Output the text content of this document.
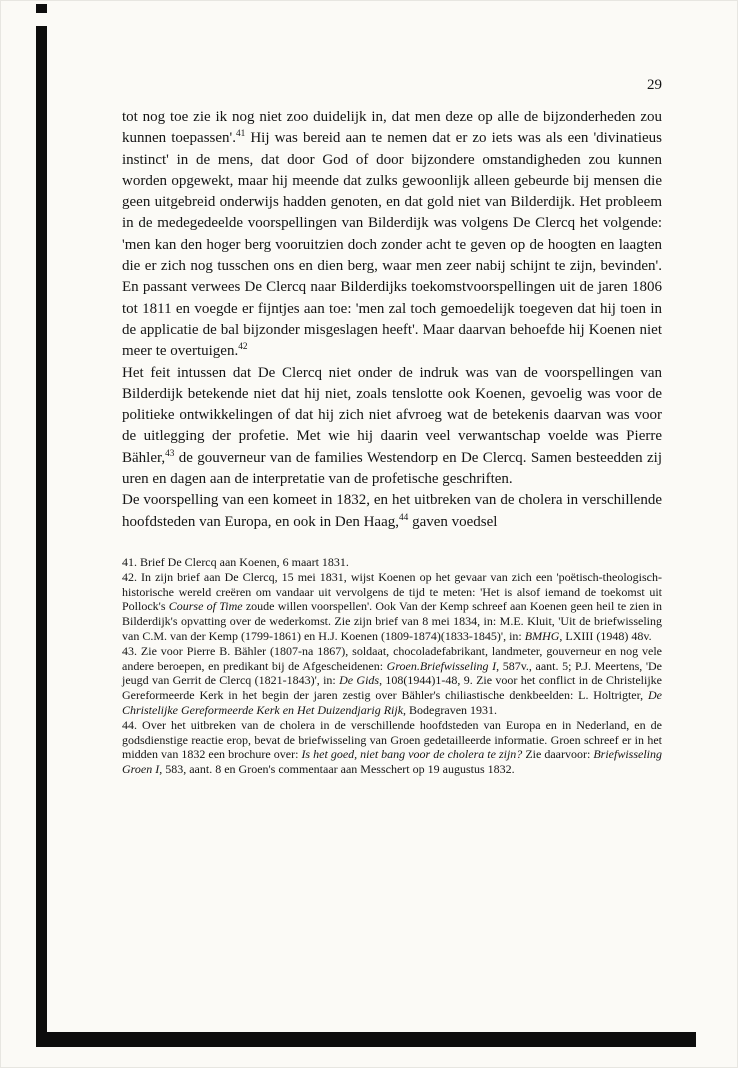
29

tot nog toe zie ik nog niet zoo duidelijk in, dat men deze op alle de bijzonderheden zou kunnen toepassen'.$^{41}$ Hij was bereid aan te nemen dat er zo iets was als een 'divinatieus instinct' in de mens, dat door God of door bijzondere omstandigheden zou kunnen worden opgewekt, maar hij meende dat zulks gewoonlijk alleen gebeurde bij mensen die geen uitgebreid onderwijs hadden genoten, en dat gold niet van Bilderdijk. Het probleem in de medegedeelde voorspellingen van Bilderdijk was volgens De Clercq het volgende: 'men kan den hoger berg vooruitzien doch zonder acht te geven op de hoogten en laagten die er zich nog tusschen ons en dien berg, waar men zeer nabij schijnt te zijn, bevinden'. En passant verwees De Clercq naar Bilderdijks toekomstvoorspellingen uit de jaren 1806 tot 1811 en voegde er fijntjes aan toe: 'men zal toch gemoedelijk toegeven dat hij toen in de applicatie de bal bijzonder misgeslagen heeft'. Maar daarvan behoefde hij Koenen niet meer te overtuigen.$^{42}$

Het feit intussen dat De Clercq niet onder de indruk was van de voorspellingen van Bilderdijk betekende niet dat hij niet, zoals tenslotte ook Koenen, gevoelig was voor de politieke ontwikkelingen of dat hij zich niet afvroeg wat de betekenis daarvan was voor de uitlegging der profetie. Met wie hij daarin veel verwantschap voelde was Pierre Bähler,$^{43}$ de gouverneur van de families Westendorp en De Clercq. Samen besteedden zij uren en dagen aan de interpretatie van de profetische geschriften.

De voorspelling van een komeet in 1832, en het uitbreken van de cholera in verschillende hoofdsteden van Europa, en ook in Den Haag,$^{44}$ gaven voedsel

41. Brief De Clercq aan Koenen, 6 maart 1831.

42. In zijn brief aan De Clercq, 15 mei 1831, wijst Koenen op het gevaar van zich een 'poëtisch-theologisch-historische wereld creëren om vandaar uit vervolgens de tijd te meten: 'Het is alsof iemand de toekomst uit Pollock's Course of Time zoude willen voorspellen'. Ook Van der Kemp schreef aan Koenen geen heil te zien in Bilderdijk's opvatting over de wederkomst. Zie zijn brief van 8 mei 1834, in: M.E. Kluit, 'Uit de briefwisseling van C.M. van der Kemp (1799-1861) en H.J. Koenen (1809-1874)(1833-1845)', in: BMHG, LXIII (1948) 48v.

43. Zie voor Pierre B. Bähler (1807-na 1867), soldaat, chocoladefabrikant, landmeter, gouverneur en nog vele andere beroepen, en predikant bij de Afgescheidenen: Groen.Briefwisseling I, 587v., aant. 5; P.J. Meertens, 'De jeugd van Gerrit de Clercq (1821-1843)', in: De Gids, 108(1944)1-48, 9. Zie voor het conflict in de Christelijke Gereformeerde Kerk in het begin der jaren zestig over Bähler's chiliastische denkbeelden: L. Holtrigter, De Christelijke Gereformeerde Kerk en Het Duizendjarig Rijk, Bodegraven 1931.

44. Over het uitbreken van de cholera in de verschillende hoofdsteden van Europa en in Nederland, en de godsdienstige reactie erop, bevat de briefwisseling van Groen gedetailleerde informatie. Groen schreef er in het midden van 1832 een brochure over: Is het goed, niet bang voor de cholera te zijn? Zie daarvoor: Briefwisseling Groen I, 583, aant. 8 en Groen's commentaar aan Messchert op 19 augustus 1832.
